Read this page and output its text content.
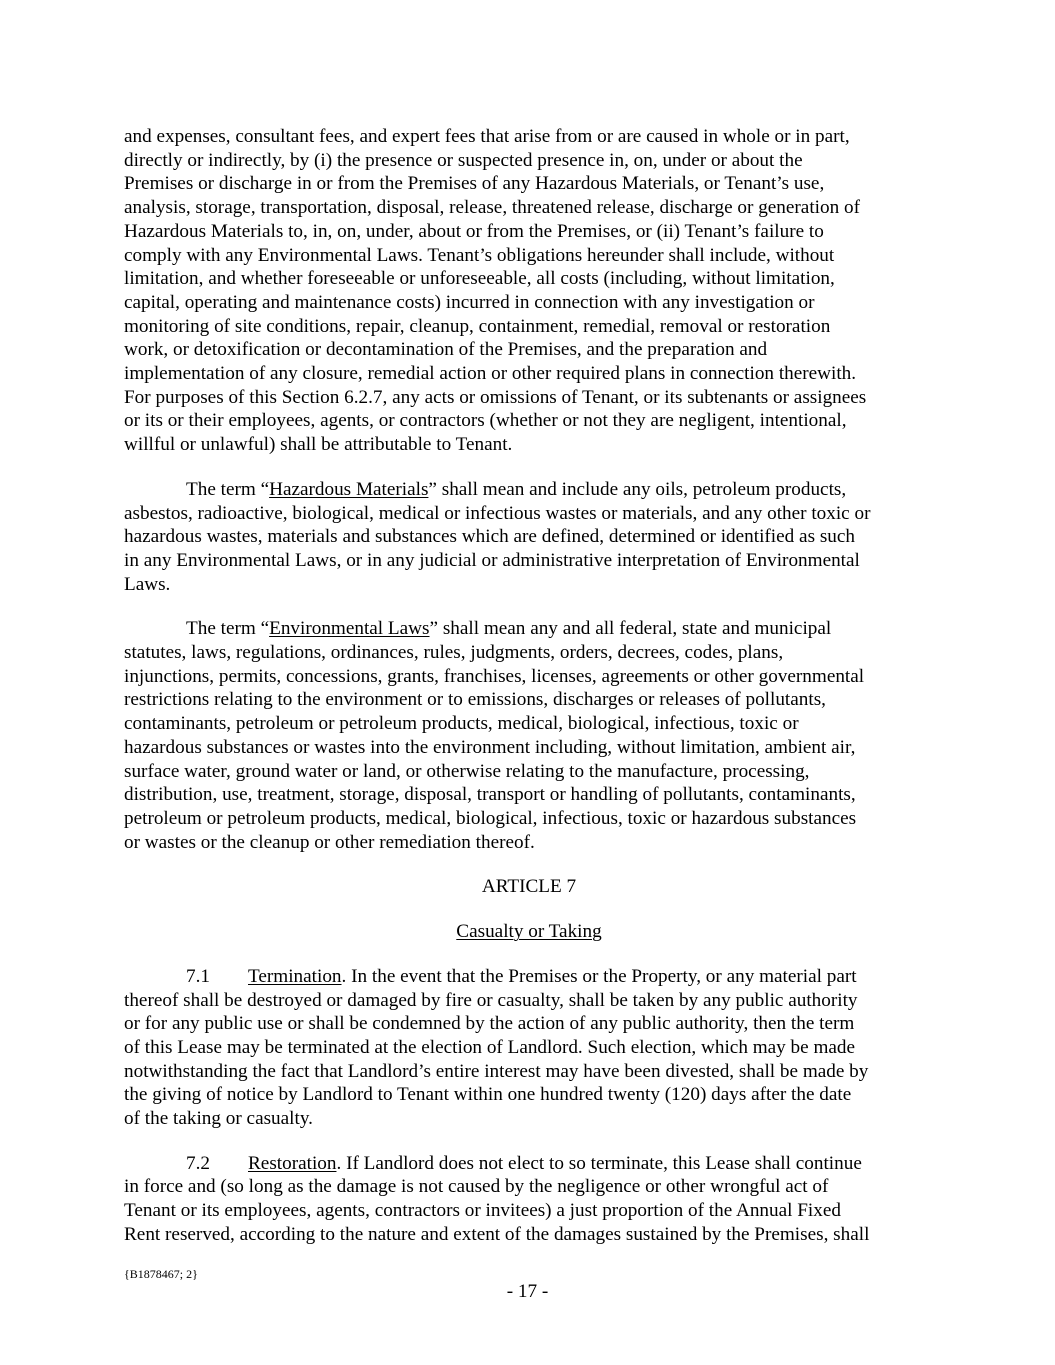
and expenses, consultant fees, and expert fees that arise from or are caused in whole or in part,
directly or indirectly, by (i) the presence or suspected presence in, on, under or about the
Premises or discharge in or from the Premises of any Hazardous Materials, or Tenant’s use,
analysis, storage, transportation, disposal, release, threatened release, discharge or generation of
Hazardous Materials to, in, on, under, about or from the Premises, or (ii) Tenant’s failure to
comply with any Environmental Laws. Tenant’s obligations hereunder shall include, without
limitation, and whether foreseeable or unforeseeable, all costs (including, without limitation,
capital, operating and maintenance costs) incurred in connection with any investigation or
monitoring of site conditions, repair, cleanup, containment, remedial, removal or restoration
work, or detoxification or decontamination of the Premises, and the preparation and
implementation of any closure, remedial action or other required plans in connection therewith.
For purposes of this Section 6.2.7, any acts or omissions of Tenant, or its subtenants or assignees
or its or their employees, agents, or contractors (whether or not they are negligent, intentional,
willful or unlawful) shall be attributable to Tenant.

The term “Hazardous Materials” shall mean and include any oils, petroleum products,
asbestos, radioactive, biological, medical or infectious wastes or materials, and any other toxic or
hazardous wastes, materials and substances which are defined, determined or identified as such
in any Environmental Laws, or in any judicial or administrative interpretation of Environmental
Laws.

The term “Environmental Laws” shall mean any and all federal, state and municipal
statutes, laws, regulations, ordinances, rules, judgments, orders, decrees, codes, plans,
injunctions, permits, concessions, grants, franchises, licenses, agreements or other governmental
restrictions relating to the environment or to emissions, discharges or releases of pollutants,
contaminants, petroleum or petroleum products, medical, biological, infectious, toxic or
hazardous substances or wastes into the environment including, without limitation, ambient air,
surface water, ground water or land, or otherwise relating to the manufacture, processing,
distribution, use, treatment, storage, disposal, transport or handling of pollutants, contaminants,
petroleum or petroleum products, medical, biological, infectious, toxic or hazardous substances
or wastes or the cleanup or other remediation thereof.

ARTICLE 7
Casualty or Taking

7.1 Termination. In the event that the Premises or the Property, or any material part
thereof shall be destroyed or damaged by fire or casualty, shall be taken by any public authority
or for any public use or shall be condemned by the action of any public authority, then the term
of this Lease may be terminated at the election of Landlord. Such election, which may be made
notwithstanding the fact that Landlord’s entire interest may have been divested, shall be made by
the giving of notice by Landlord to Tenant within one hundred twenty (120) days after the date
of the taking or casualty.

7.2 Restoration. If Landlord does not elect to so terminate, this Lease shall continue
in force and (so long as the damage is not caused by the negligence or other wrongful act of
Tenant or its employees, agents, contractors or invitees) a just proportion of the Annual Fixed
Rent reserved, according to the nature and extent of the damages sustained by the Premises, shall

{B1878467; 2}
- 17 -
